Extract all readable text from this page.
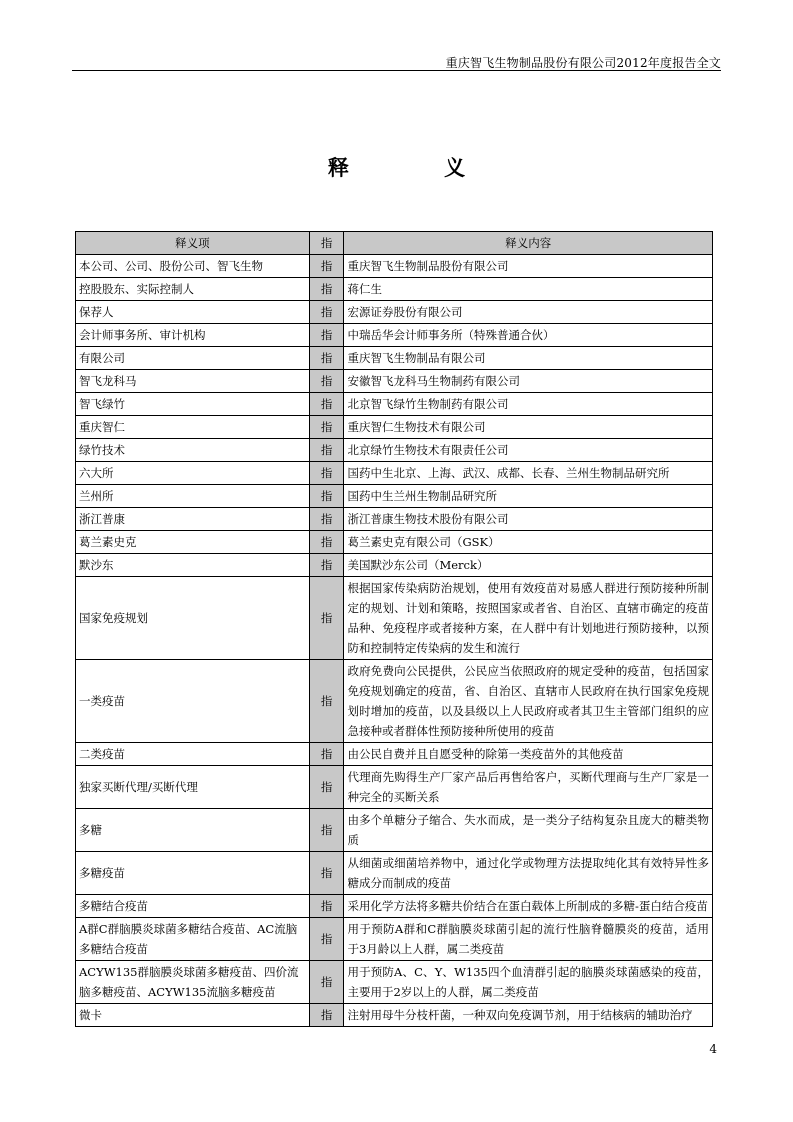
重庆智飞生物制品股份有限公司2012年度报告全文
释 义
释义项	指	释义内容
本公司、公司、股份公司、智飞生物	指	重庆智飞生物制品股份有限公司
控股股东、实际控制人	指	蒋仁生
保荐人	指	宏源证券股份有限公司
会计师事务所、审计机构	指	中瑞岳华会计师事务所（特殊普通合伙）
有限公司	指	重庆智飞生物制品有限公司
智飞龙科马	指	安徽智飞龙科马生物制药有限公司
智飞绿竹	指	北京智飞绿竹生物制药有限公司
重庆智仁	指	重庆智仁生物技术有限公司
绿竹技术	指	北京绿竹生物技术有限责任公司
六大所	指	国药中生北京、上海、武汉、成都、长春、兰州生物制品研究所
兰州所	指	国药中生兰州生物制品研究所
浙江普康	指	浙江普康生物技术股份有限公司
葛兰素史克	指	葛兰素史克有限公司（GSK）
默沙东	指	美国默沙东公司（Merck）
国家免疫规划	指	根据国家传染病防治规划，使用有效疫苗对易感人群进行预防接种所制定的规划、计划和策略，按照国家或者省、自治区、直辖市确定的疫苗品种、免疫程序或者接种方案，在人群中有计划地进行预防接种，以预防和控制特定传染病的发生和流行
一类疫苗	指	政府免费向公民提供，公民应当依照政府的规定受种的疫苗，包括国家免疫规划确定的疫苗，省、自治区、直辖市人民政府在执行国家免疫规划时增加的疫苗，以及县级以上人民政府或者其卫生主管部门组织的应急接种或者群体性预防接种所使用的疫苗
二类疫苗	指	由公民自费并且自愿受种的除第一类疫苗外的其他疫苗
独家买断代理/买断代理	指	代理商先购得生产厂家产品后再售给客户，买断代理商与生产厂家是一种完全的买断关系
多糖	指	由多个单糖分子缩合、失水而成，是一类分子结构复杂且庞大的糖类物质
多糖疫苗	指	从细菌或细菌培养物中，通过化学或物理方法提取纯化其有效特异性多糖成分而制成的疫苗
多糖结合疫苗	指	采用化学方法将多糖共价结合在蛋白载体上所制成的多糖-蛋白结合疫苗
A群C群脑膜炎球菌多糖结合疫苗、AC流脑多糖结合疫苗	指	用于预防A群和C群脑膜炎球菌引起的流行性脑脊髓膜炎的疫苗，适用于3月龄以上人群，属二类疫苗
ACYW135群脑膜炎球菌多糖疫苗、四价流脑多糖疫苗、ACYW135流脑多糖疫苗	指	用于预防A、C、Y、W135四个血清群引起的脑膜炎球菌感染的疫苗，主要用于2岁以上的人群，属二类疫苗
微卡	指	注射用母牛分枝杆菌，一种双向免疫调节剂，用于结核病的辅助治疗
4
